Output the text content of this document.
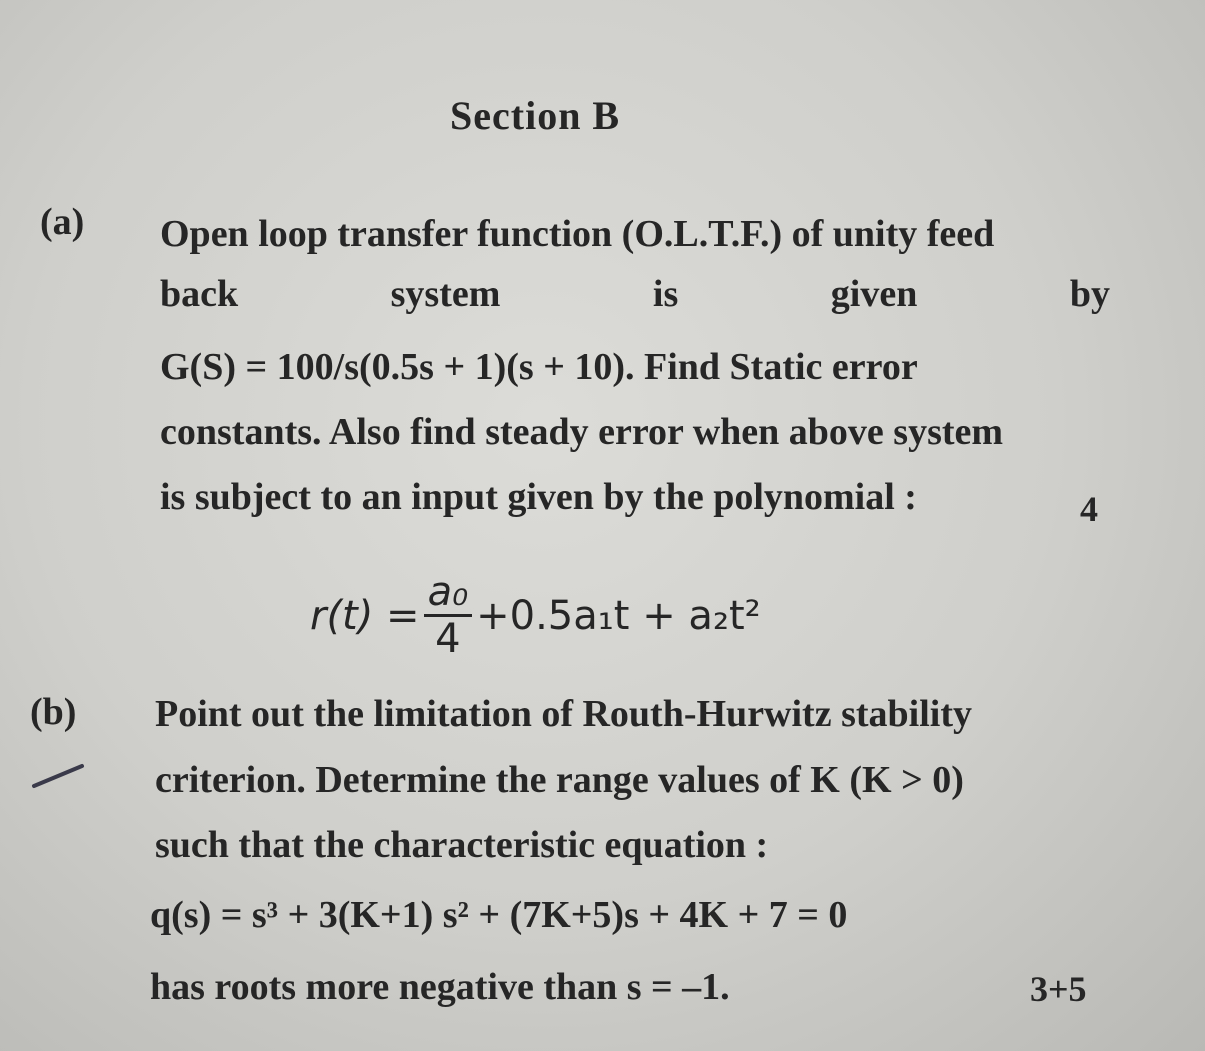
Section B
(a) Open loop transfer function (O.L.T.F.) of unity feed
back	system	is	given	by
G(S) = 100/s(0.5s + 1)(s + 10). Find Static error
constants. Also find steady error when above system
is subject to an input given by the polynomial :	4
$r(t) = \frac{\text{a₀}}{4} +0.5a_1t + a_2t^2$
(b) Point out the limitation of Routh-Hurwitz stability
criterion. Determine the range values of K (K > 0)
such that the characteristic equation :
q(s) = s³ + 3(K+1) s² + (7K+5)s + 4K + 7 = 0
has roots more negative than s = –1.	3+5
